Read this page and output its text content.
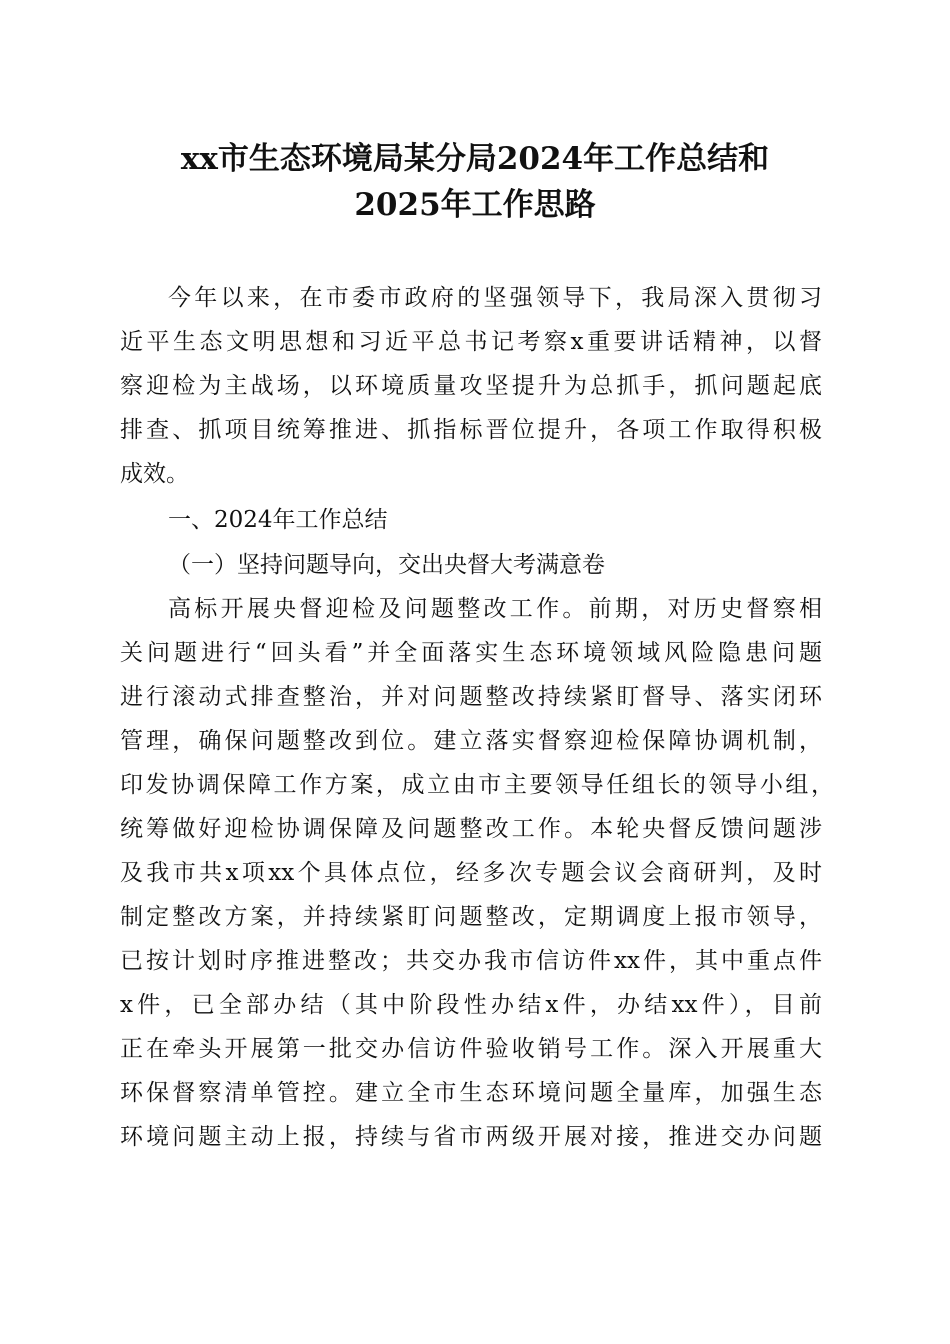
xx市生态环境局某分局2024年工作总结和
2025年工作思路
今年以来，在市委市政府的坚强领导下，我局深入贯彻习
近平生态文明思想和习近平总书记考察x重要讲话精神，以督
察迎检为主战场，以环境质量攻坚提升为总抓手，抓问题起底
排查、抓项目统筹推进、抓指标晋位提升，各项工作取得积极
成效。
一、2024年工作总结
（一）坚持问题导向，交出央督大考满意卷
高标开展央督迎检及问题整改工作。前期，对历史督察相
关问题进行“回头看”并全面落实生态环境领域风险隐患问题
进行滚动式排查整治，并对问题整改持续紧盯督导、落实闭环
管理，确保问题整改到位。建立落实督察迎检保障协调机制，
印发协调保障工作方案，成立由市主要领导任组长的领导小组，
统筹做好迎检协调保障及问题整改工作。本轮央督反馈问题涉
及我市共x项xx个具体点位，经多次专题会议会商研判，及时
制定整改方案，并持续紧盯问题整改，定期调度上报市领导，
已按计划时序推进整改；共交办我市信访件xx件，其中重点件
x件，已全部办结（其中阶段性办结x件，办结xx件），目前
正在牵头开展第一批交办信访件验收销号工作。深入开展重大
环保督察清单管控。建立全市生态环境问题全量库，加强生态
环境问题主动上报，持续与省市两级开展对接，推进交办问题
